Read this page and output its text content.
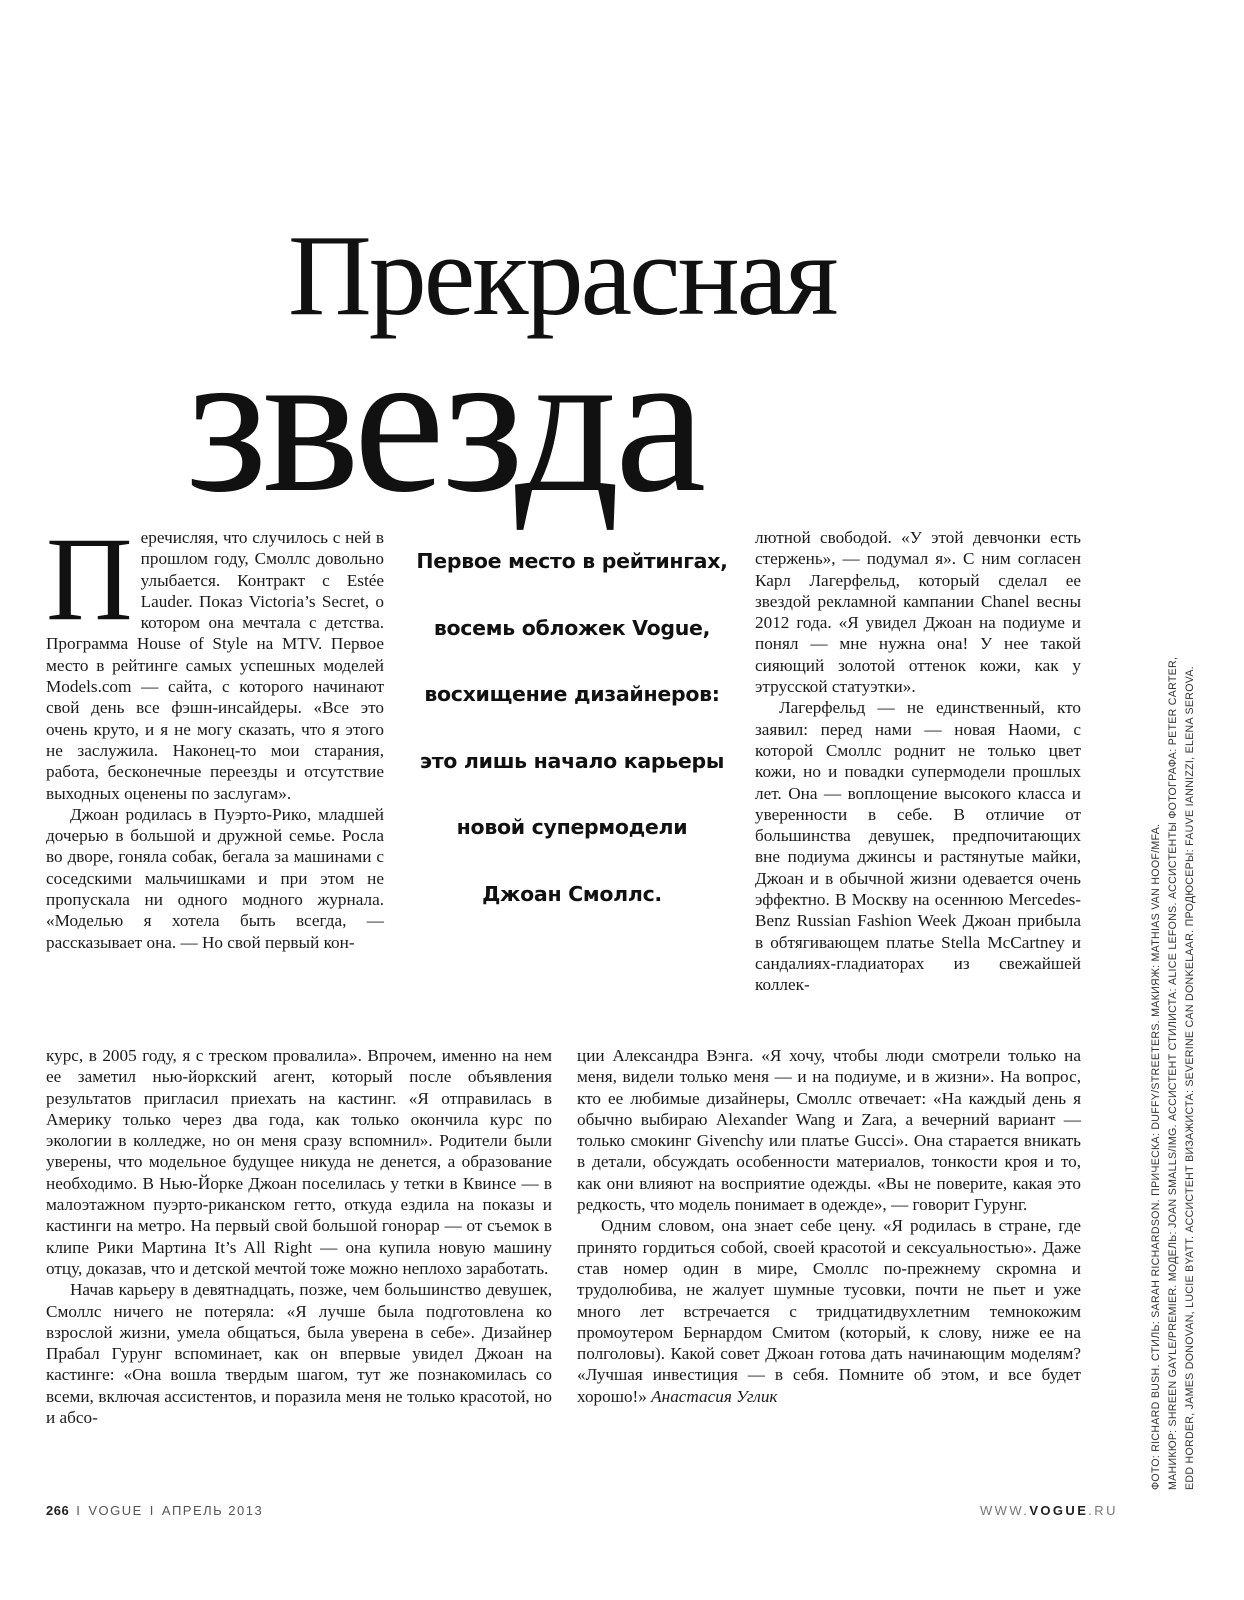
Прекрасная
звезда
П еречисляя, что случилось с ней в прошлом году, Смоллс довольно улыбается. Контракт с Estée Lauder. Показ Victoria’s Secret, о котором она мечтала с детства. Программа House of Style на MTV. Первое место в рейтинге самых успешных моделей Models.com — сайта, с которого начинают свой день все фэшн-инсайдеры. «Все это очень круто, и я не могу сказать, что я этого не заслужила. Наконец-то мои старания, работа, бесконечные переезды и отсутствие выходных оценены по заслугам».

Джоан родилась в Пуэрто-Рико, младшей дочерью в большой и дружной семье. Росла во дворе, гоняла собак, бегала за машинами с соседскими мальчишками и при этом не пропускала ни одного модного журнала. «Моделью я хотела быть всегда, — рассказывает она. — Но свой первый кон-

Первое место в рейтингах,
восемь обложек Vogue,
восхищение дизайнеров:
это лишь начало карьеры
новой супермодели
Джоан Смоллс.

лютной свободой. «У этой девчонки есть стержень», — подумал я». С ним согласен Карл Лагерфельд, который сделал ее звездой рекламной кампании Chanel весны 2012 года. «Я увидел Джоан на подиуме и понял — мне нужна она! У нее такой сияющий золотой оттенок кожи, как у этрусской статуэтки».

Лагерфельд — не единственный, кто заявил: перед нами — новая Наоми, с которой Смоллс роднит не только цвет кожи, но и повадки супермодели прошлых лет. Она — воплощение высокого класса и уверенности в себе. В отличие от большинства девушек, предпочитающих вне подиума джинсы и растянутые майки, Джоан и в обычной жизни одевается очень эффектно. В Москву на осеннюю Mercedes-Benz Russian Fashion Week Джоан прибыла в обтягивающем платье Stella McCartney и сандалиях-гладиаторах из свежайшей коллек-

курс, в 2005 году, я с треском провалила». Впрочем, именно на нем ее заметил нью-йоркский агент, который после объявления результатов пригласил приехать на кастинг. «Я отправилась в Америку только через два года, как только окончила курс по экологии в колледже, но он меня сразу вспомнил». Родители были уверены, что модельное будущее никуда не денется, а образование необходимо. В Нью-Йорке Джоан поселилась у тетки в Квинсе — в малоэтажном пуэрто-риканском гетто, откуда ездила на показы и кастинги на метро. На первый свой большой гонорар — от съемок в клипе Рики Мартина It’s All Right — она купила новую машину отцу, доказав, что и детской мечтой тоже можно неплохо заработать.

Начав карьеру в девятнадцать, позже, чем большинство девушек, Смоллс ничего не потеряла: «Я лучше была подготовлена ко взрослой жизни, умела общаться, была уверена в себе». Дизайнер Прабал Гурунг вспоминает, как он впервые увидел Джоан на кастинге: «Она вошла твердым шагом, тут же познакомилась со всеми, включая ассистентов, и поразила меня не только красотой, но и абсо-

ции Александра Вэнга. «Я хочу, чтобы люди смотрели только на меня, видели только меня — и на подиуме, и в жизни». На вопрос, кто ее любимые дизайнеры, Смоллс отвечает: «На каждый день я обычно выбираю Alexander Wang и Zara, а вечерний вариант — только смокинг Givenchy или платье Gucci». Она старается вникать в детали, обсуждать особенности материалов, тонкости кроя и то, как они влияют на восприятие одежды. «Вы не поверите, какая это редкость, что модель понимает в одежде», — говорит Гурунг.

Одним словом, она знает себе цену. «Я родилась в стране, где принято гордиться собой, своей красотой и сексуальностью». Даже став номер один в мире, Смоллс по-прежнему скромна и трудолюбива, не жалует шумные тусовки, почти не пьет и уже много лет встречается с тридцатидвухлетним темнокожим промоутером Бернардом Смитом (который, к слову, ниже ее на полголовы). Какой совет Джоан готова дать начинающим моделям? «Лучшая инвестиция — в себя. Помните об этом, и все будет хорошо!» Анастасия Углик	ФОТО: RICHARD BUSH. СТИЛЬ: SARAH RICHARDSON. ПРИЧЕСКА: DUFFY/STREETERS. МАКИЯЖ: MATHIAS VAN HOOF/MFA. МАНИКЮР: SHREEN GAYLE/PREMIER. МОДЕЛЬ: JOAN SMALLS/IMG. АССИСТЕНТ СТИЛИСТА: ALICE LEFONS. АССИСТЕНТЫ ФОТОГРАФА: PETER CARTER, EDD HORDER, JAMES DONOVAN, LUCIE BYATT. АССИСТЕНТ ВИЗАЖИСТА: SEVERINE CAN DONKELAAR. ПРОДЮСЕРЫ: FAUVE IANNIZZI, ELENA SEROVA.
266 I VOGUE I АПРЕЛЬ 2013	WWW.VOGUE.RU
